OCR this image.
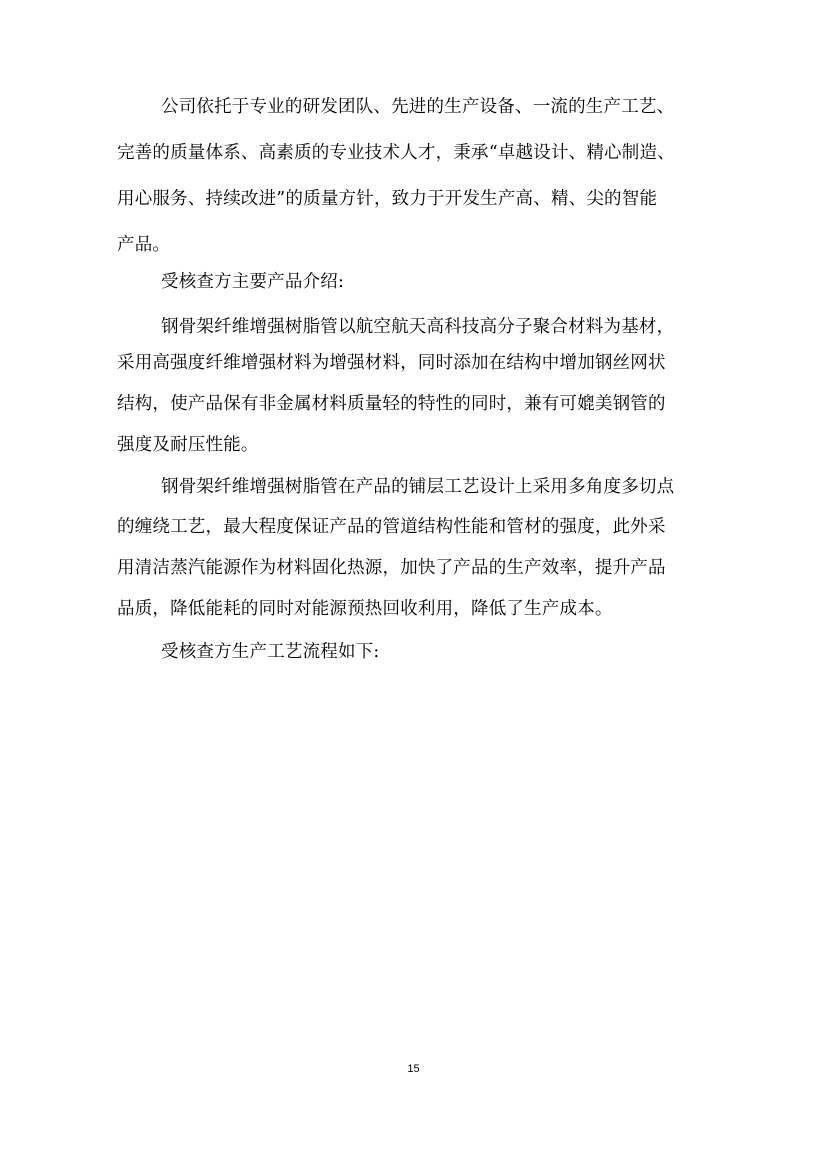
公司依托于专业的研发团队、先进的生产设备、一流的生产工艺、
完善的质量体系、高素质的专业技术人才，秉承“卓越设计、精心制造、
用心服务、持续改进”的质量方针，致力于开发生产高、精、尖的智能
产品。
受核查方主要产品介绍:
钢骨架纤维增强树脂管以航空航天高科技高分子聚合材料为基材，
采用高强度纤维增强材料为增强材料，同时添加在结构中增加钢丝网状
结构，使产品保有非金属材料质量轻的特性的同时，兼有可媲美钢管的
强度及耐压性能。
钢骨架纤维增强树脂管在产品的铺层工艺设计上采用多角度多切点
的缠绕工艺，最大程度保证产品的管道结构性能和管材的强度，此外采
用清洁蒸汽能源作为材料固化热源，加快了产品的生产效率，提升产品
品质，降低能耗的同时对能源预热回收利用，降低了生产成本。
受核查方生产工艺流程如下:
15
